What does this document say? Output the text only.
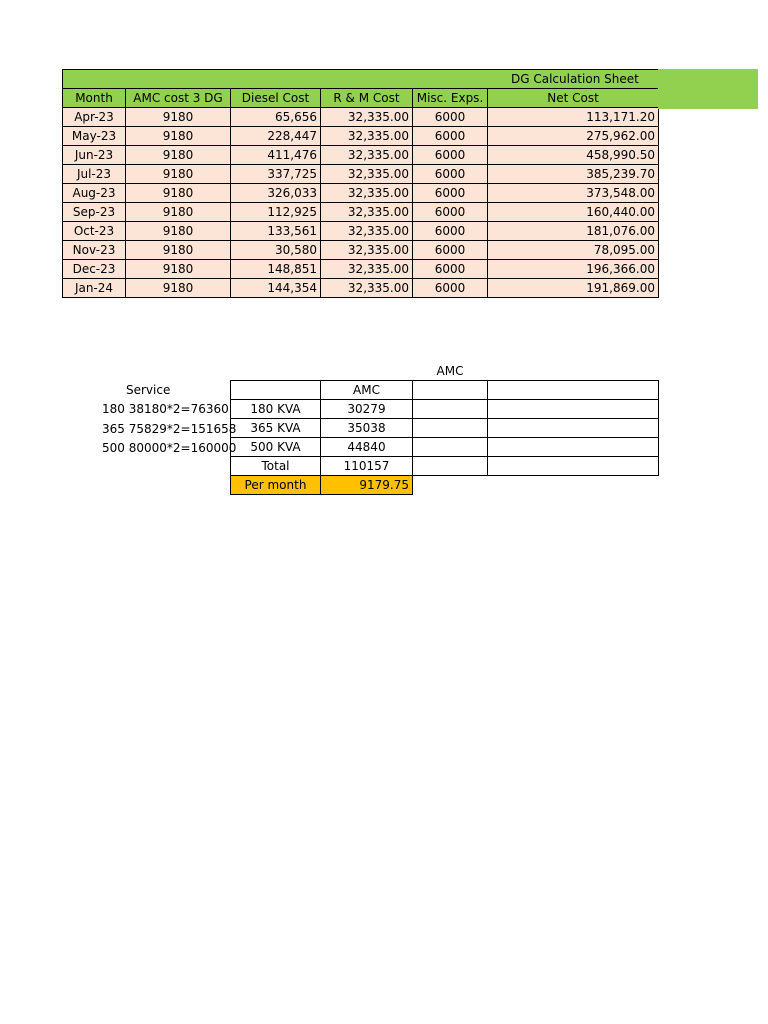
DG Calculation Sheet					
Month	AMC cost 3 DG	Diesel Cost	R & M Cost	Misc. Exps.	Net Cost
Apr-23	9180	65,656	32,335.00	6000	113,171.20
May-23	9180	228,447	32,335.00	6000	275,962.00
Jun-23	9180	411,476	32,335.00	6000	458,990.50
Jul-23	9180	337,725	32,335.00	6000	385,239.70
Aug-23	9180	326,033	32,335.00	6000	373,548.00
Sep-23	9180	112,925	32,335.00	6000	160,440.00
Oct-23	9180	133,561	32,335.00	6000	181,076.00
Nov-23	9180	30,580	32,335.00	6000	78,095.00
Dec-23	9180	148,851	32,335.00	6000	196,366.00
Jan-24	9180	144,354	32,335.00	6000	191,869.00
AMC
Service
180 38180*2=76360
365 75829*2=151658
500 80000*2=160000
	AMC		
180 KVA	30279		
365 KVA	35038		
500 KVA	44840		
Total	110157		
Per month	9179.75		
